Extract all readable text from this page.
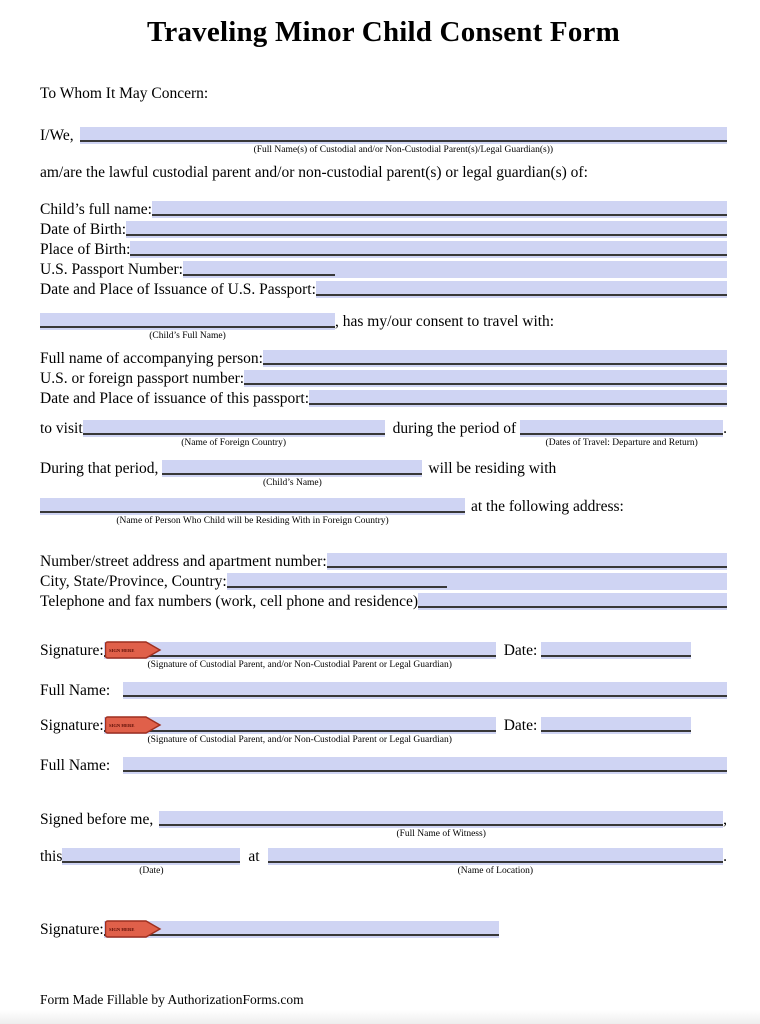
Traveling Minor Child Consent Form
To Whom It May Concern:
I/We,
(Full Name(s) of Custodial and/or Non-Custodial Parent(s)/Legal Guardian(s))
am/are the lawful custodial parent and/or non-custodial parent(s) or legal guardian(s) of:
Child’s full name:
Date of Birth:
Place of Birth:
U.S. Passport Number:
Date and Place of Issuance of U.S. Passport:
(Child’s Full Name)
, has my/our consent to travel with:
Full name of accompanying person:
U.S. or foreign passport number:
Date and Place of issuance of this passport:
to visit
(Name of Foreign Country)
during the period of
(Dates of Travel: Departure and Return)
.
During that period,
(Child’s Name)
will be residing with
(Name of Person Who Child will be Residing With in Foreign Country)
at the following address:
Number/street address and apartment number:
City, State/Province, Country:
Telephone and fax numbers (work, cell phone and residence)
Signature: SIGN HERE
(Signature of Custodial Parent, and/or Non-Custodial Parent or Legal Guardian)
Date:
Full Name:
Signature: SIGN HERE
(Signature of Custodial Parent, and/or Non-Custodial Parent or Legal Guardian)
Date:
Full Name:
Signed before me,
(Full Name of Witness)
,
this
(Date)
at
(Name of Location)
.
Signature: SIGN HERE
Form Made Fillable by AuthorizationForms.com
